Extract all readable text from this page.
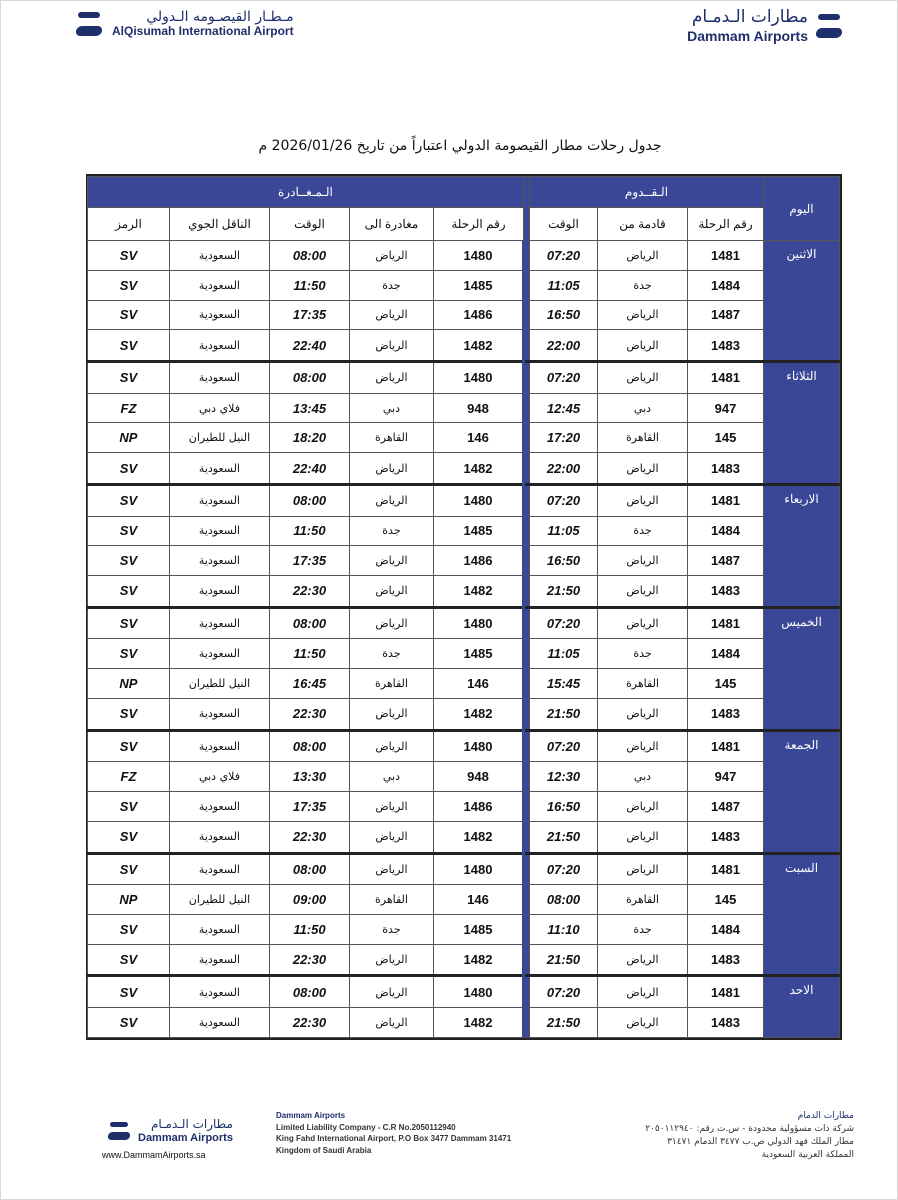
مطارات الـدمـام
Dammam Airports
مـطـار القيصـومه الـدولي
AlQisumah International Airport
جدول رحلات مطار القيصومة الدولي اعتباراً من تاريخ 2026/01/26 م
اليوم	الـقــدوم				الـمـغــادرة				
	رقم الرحلة	قادمة من	الوقت		رقم الرحلة	مغادرة الى	الوقت	الناقل الجوي	الرمز
الاثنين	1481	الرياض	07:20		1480	الرياض	08:00	السعودية	SV
	1484	جدة	11:05		1485	جدة	11:50	السعودية	SV
	1487	الرياض	16:50		1486	الرياض	17:35	السعودية	SV
	1483	الرياض	22:00		1482	الرياض	22:40	السعودية	SV
الثلاثاء	1481	الرياض	07:20		1480	الرياض	08:00	السعودية	SV
	947	دبي	12:45		948	دبي	13:45	فلاي دبي	FZ
	145	القاهرة	17:20		146	القاهرة	18:20	النيل للطيران	NP
	1483	الرياض	22:00		1482	الرياض	22:40	السعودية	SV
الاربعاء	1481	الرياض	07:20		1480	الرياض	08:00	السعودية	SV
	1484	جدة	11:05		1485	جدة	11:50	السعودية	SV
	1487	الرياض	16:50		1486	الرياض	17:35	السعودية	SV
	1483	الرياض	21:50		1482	الرياض	22:30	السعودية	SV
الخميس	1481	الرياض	07:20		1480	الرياض	08:00	السعودية	SV
	1484	جدة	11:05		1485	جدة	11:50	السعودية	SV
	145	القاهرة	15:45		146	القاهرة	16:45	النيل للطيران	NP
	1483	الرياض	21:50		1482	الرياض	22:30	السعودية	SV
الجمعة	1481	الرياض	07:20		1480	الرياض	08:00	السعودية	SV
	947	دبي	12:30		948	دبي	13:30	فلاي دبي	FZ
	1487	الرياض	16:50		1486	الرياض	17:35	السعودية	SV
	1483	الرياض	21:50		1482	الرياض	22:30	السعودية	SV
السبت	1481	الرياض	07:20		1480	الرياض	08:00	السعودية	SV
	145	القاهرة	08:00		146	القاهرة	09:00	النيل للطيران	NP
	1484	جدة	11:10		1485	جدة	11:50	السعودية	SV
	1483	الرياض	21:50		1482	الرياض	22:30	السعودية	SV
الاحد	1481	الرياض	07:20		1480	الرياض	08:00	السعودية	SV
	1483	الرياض	21:50		1482	الرياض	22:30	السعودية	SV
مطارات الـدمـام
Dammam Airports
www.DammamAirports.sa
Dammam Airports
Limited Liability Company - C.R No.2050112940
King Fahd International Airport, P.O Box 3477 Dammam 31471
Kingdom of Saudi Arabia
مطارات الدمام
شركة ذات مسؤولية محدودة - س.ت رقم: ٢٠٥٠١١٢٩٤٠
مطار الملك فهد الدولي ص.ب ٣٤٧٧ الدمام ٣١٤٧١
المملكة العربية السعودية
